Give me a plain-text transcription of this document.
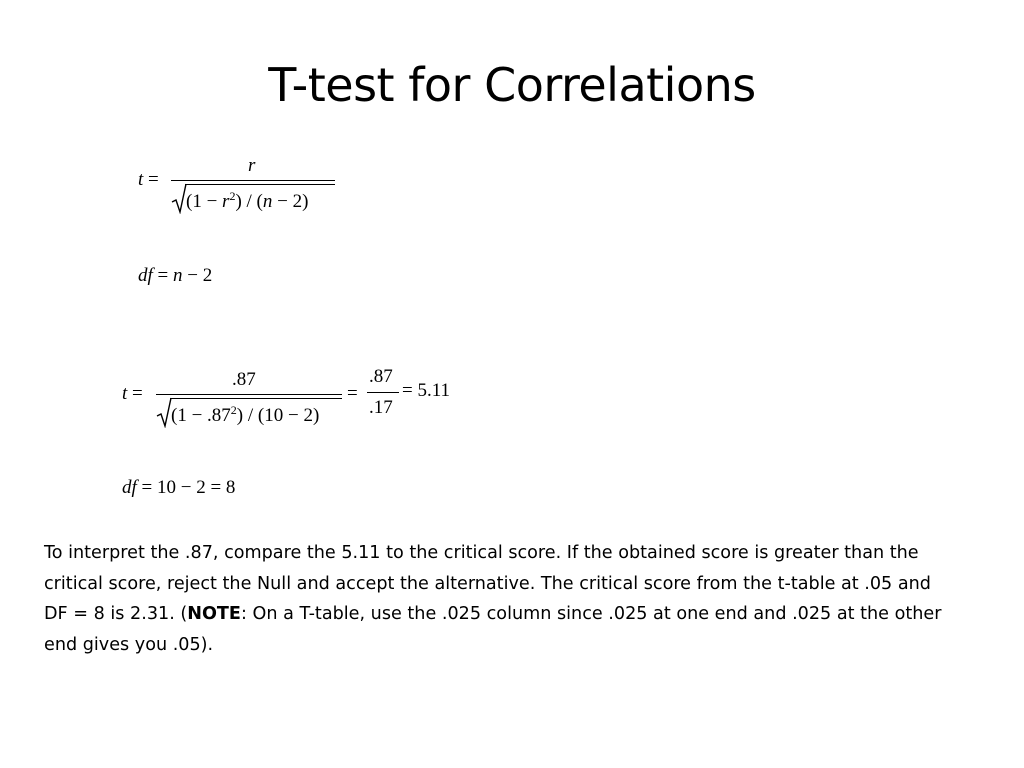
T-test for Correlations
t =
r
$(1 - r^2) / (n - 2)$
df = n − 2
t =
.87
$(1 - .87^2) / (10 - 2)$
=
.87
.17
= 5.11
df = 10 − 2 = 8
To interpret the .87, compare the 5.11 to the critical score. If the obtained score is greater than the critical score, reject the Null and accept the alternative. The critical score from the t-table at .05 and DF = 8 is 2.31. (NOTE: On a T-table, use the .025 column since .025 at one end and .025 at the other end gives you .05).
